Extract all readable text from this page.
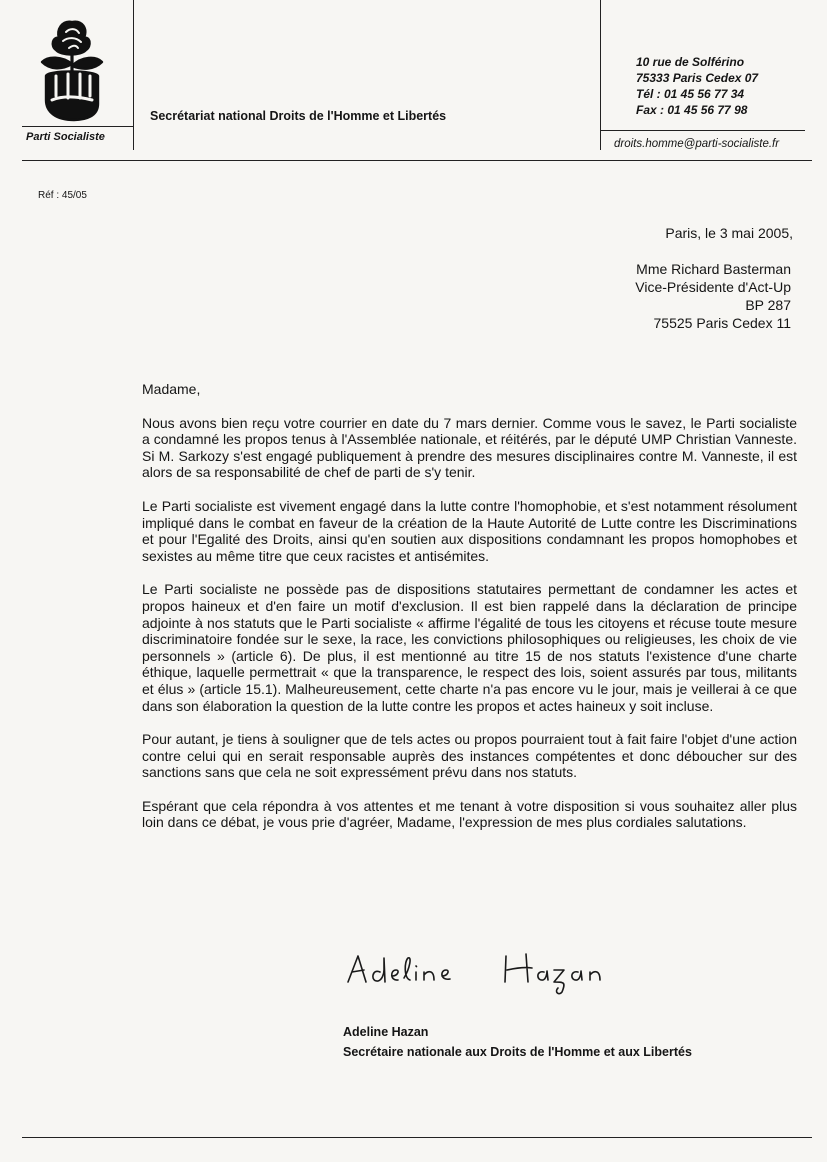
Parti Socialiste
Secrétariat national Droits de l'Homme et Libertés
10 rue de Solférino
75333 Paris Cedex 07
Tél : 01 45 56 77 34
Fax : 01 45 56 77 98
droits.homme@parti-socialiste.fr
Réf : 45/05
Paris, le 3 mai 2005,
Mme Richard Basterman
Vice-Présidente d'Act-Up
BP 287
75525 Paris Cedex 11

Madame,

Nous avons bien reçu votre courrier en date du 7 mars dernier. Comme vous le savez, le Parti socialiste a condamné les propos tenus à l'Assemblée nationale, et réitérés, par le député UMP Christian Vanneste. Si M. Sarkozy s'est engagé publiquement à prendre des mesures disciplinaires contre M. Vanneste, il est alors de sa responsabilité de chef de parti de s'y tenir.

Le Parti socialiste est vivement engagé dans la lutte contre l'homophobie, et s'est notamment résolument impliqué dans le combat en faveur de la création de la Haute Autorité de Lutte contre les Discriminations et pour l'Egalité des Droits, ainsi qu'en soutien aux dispositions condamnant les propos homophobes et sexistes au même titre que ceux racistes et antisémites.

Le Parti socialiste ne possède pas de dispositions statutaires permettant de condamner les actes et propos haineux et d'en faire un motif d'exclusion. Il est bien rappelé dans la déclaration de principe adjointe à nos statuts que le Parti socialiste « affirme l'égalité de tous les citoyens et récuse toute mesure discriminatoire fondée sur le sexe, la race, les convictions philosophiques ou religieuses, les choix de vie personnels » (article 6). De plus, il est mentionné au titre 15 de nos statuts l'existence d'une charte éthique, laquelle permettrait « que la transparence, le respect des lois, soient assurés par tous, militants et élus » (article 15.1). Malheureusement, cette charte n'a pas encore vu le jour, mais je veillerai à ce que dans son élaboration la question de la lutte contre les propos et actes haineux y soit incluse.

Pour autant, je tiens à souligner que de tels actes ou propos pourraient tout à fait faire l'objet d'une action contre celui qui en serait responsable auprès des instances compétentes et donc déboucher sur des sanctions sans que cela ne soit expressément prévu dans nos statuts.

Espérant que cela répondra à vos attentes et me tenant à votre disposition si vous souhaitez aller plus loin dans ce débat, je vous prie d'agréer, Madame, l'expression de mes plus cordiales salutations.

Adeline Hazan
Secrétaire nationale aux Droits de l'Homme et aux Libertés
